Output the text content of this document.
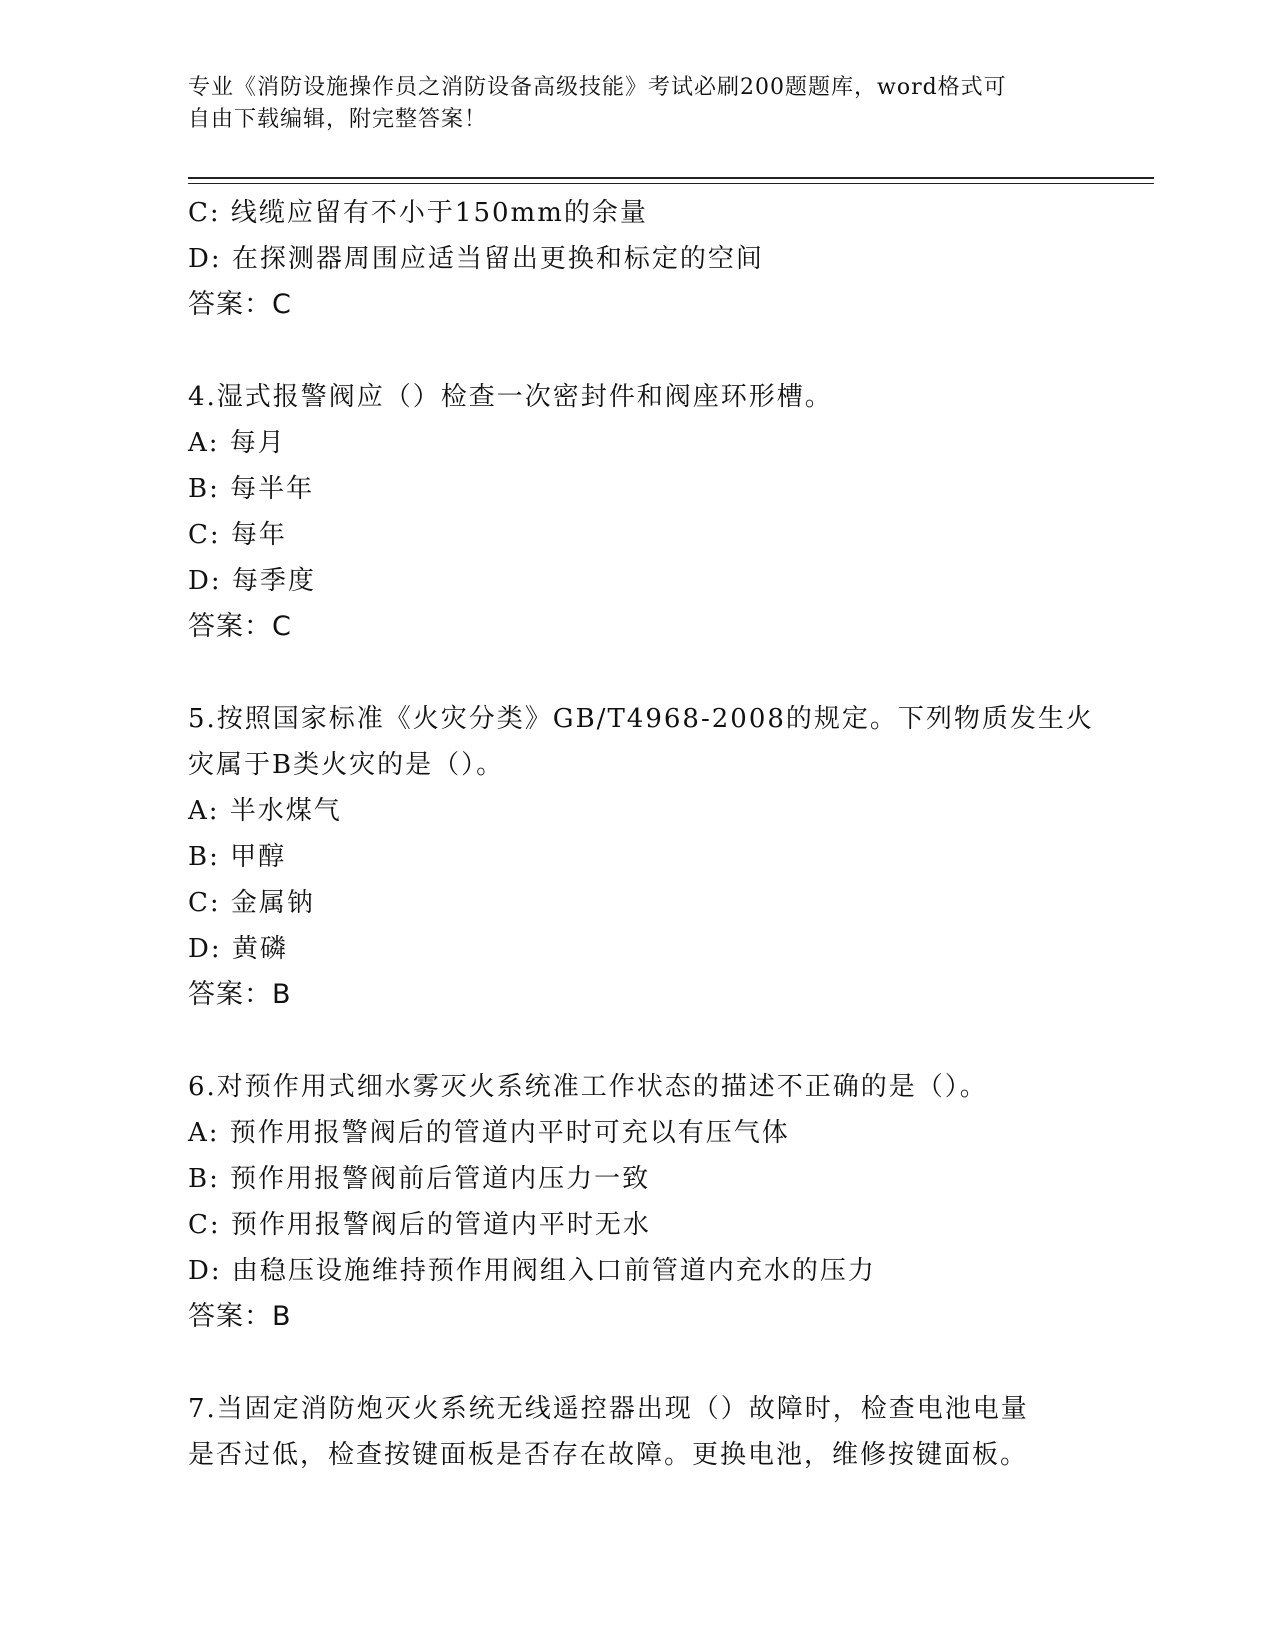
专业《消防设施操作员之消防设备高级技能》考试必刷200题题库，word格式可
自由下载编辑，附完整答案！
C: 线缆应留有不小于150mm的余量
D: 在探测器周围应适当留出更换和标定的空间
答案：C
4.湿式报警阀应（）检查一次密封件和阀座环形槽。
A: 每月
B: 每半年
C: 每年
D: 每季度
答案：C
5.按照国家标准《火灾分类》GB/T4968-2008的规定。下列物质发生火
灾属于B类火灾的是（）。
A: 半水煤气
B: 甲醇
C: 金属钠
D: 黄磷
答案：B
6.对预作用式细水雾灭火系统准工作状态的描述不正确的是（）。
A: 预作用报警阀后的管道内平时可充以有压气体
B: 预作用报警阀前后管道内压力一致
C: 预作用报警阀后的管道内平时无水
D: 由稳压设施维持预作用阀组入口前管道内充水的压力
答案：B
7.当固定消防炮灭火系统无线遥控器出现（）故障时，检查电池电量
是否过低，检查按键面板是否存在故障。更换电池，维修按键面板。
